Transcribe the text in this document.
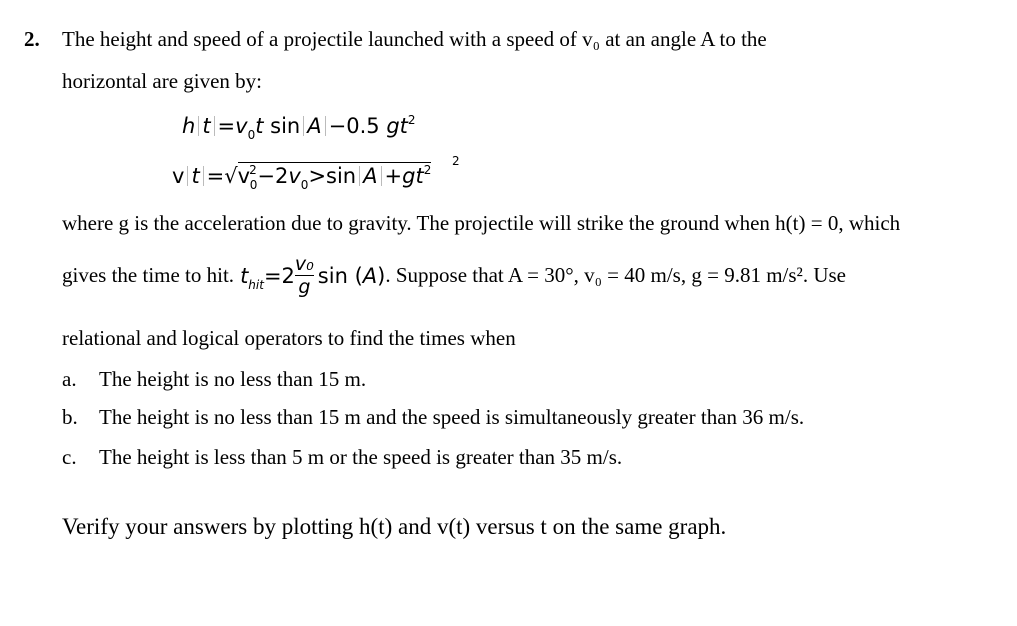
2. The height and speed of a projectile launched with a speed of v₀ at an angle A to the
horizontal are given by:
h $t =v_0t$ sin A −0.5 $gt^2$
v $t =√v^2_0-2v_0>\sin$ $A +gt^2$
2
where g is the acceleration due to gravity. The projectile will strike the ground when h(t) = 0, which
gives the time to hit. $t_{hit}=2 \frac{\text{v₀}}{g}$ sin (A) . Suppose that A = 30°, v₀ = 40 m/s, g = 9.81 m/s². Use
relational and logical operators to find the times when
a. The height is no less than 15 m.
b. The height is no less than 15 m and the speed is simultaneously greater than 36 m/s.
c. The height is less than 5 m or the speed is greater than 35 m/s.
Verify your answers by plotting h(t) and v(t) versus t on the same graph.
